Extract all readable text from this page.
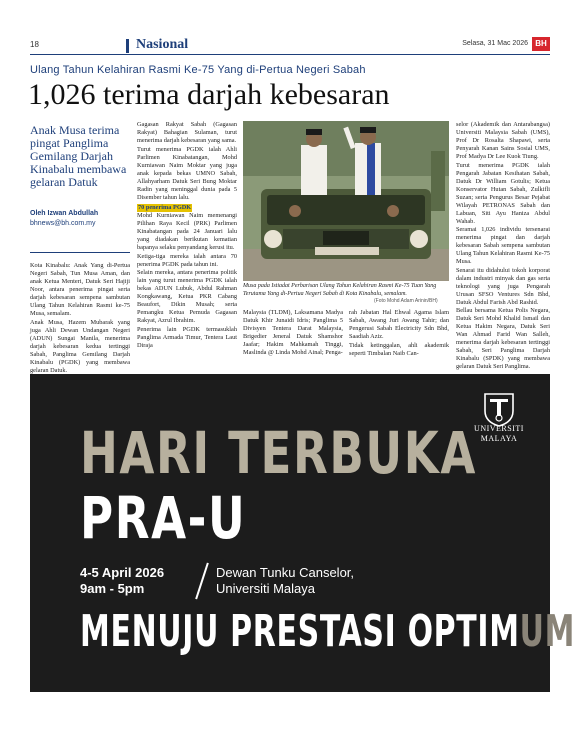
18	Nasional	Selasa, 31 Mac 2026 BH
Ulang Tahun Kelahiran Rasmi Ke-75 Yang di-Pertua Negeri Sabah
1,026 terima darjah kebesaran
Anak Musa terima pingat Panglima Gemilang Darjah Kinabalu membawa gelaran Datuk
Oleh Izwan Abdullah
bhnews@bh.com.my

Kota Kinabalu: Anak Yang di-Pertua Negeri Sabah, Tun Musa Aman, dan anak Ketua Menteri, Datuk Seri Hajiji Noor, antara penerima pingat serta darjah kebesaran sempena sambutan Ulang Tahun Kelahiran Rasmi ke-75 Musa, semalam.

Anak Musa, Hazem Mubarak yang juga Ahli Dewan Undangan Negeri (ADUN) Sungai Manila, menerima darjah kebesaran kedua tertinggi Sabah, Panglima Gemilang Darjah Kinabalu (PGDK) yang membawa gelaran Datuk.

Gagasan Rakyat Sabah (Gagasan Rakyat) Bahagian Sulaman, turut menerima darjah kebesaran yang sama.

Turut menerima PGDK ialah Ahli Parlimen Kinabatangan, Mohd Kurniawan Naim Moktar yang juga anak kepada bekas UMNO Sabah, Allahyarham Datuk Seri Bung Moktar Radin yang meninggal dunia pada 5 Disember tahun lalu.

70 penerima PGDK

Mohd Kurniawan Naim memenangi Pilihan Raya Kecil (PRK) Parlimen Kinabatangan pada 24 Januari lalu yang diadakan berikutan kematian bapanya selaku penyandang kerusi itu.

Ketiga-tiga mereka ialah antara 70 penerima PGDK pada tahun ini.

Selain mereka, antara penerima politik lain yang turut menerima PGDK ialah bekas ADUN Lubuk, Abdul Rahman Kongkawang, Ketua PKR Cabang Beaufort, Dikin Musah; serta Pemangku Ketua Pemuda Gagasan Rakyat, Azrul Ibrahim.

Penerima lain PGDK termasuklah Panglima Armada Timur, Tentera Laut Diraja

Musa pada Istiadat Perbarisan Ulang Tahun Kelahiran Rasmi Ke-75 Tuan Yang Terutama Yang di-Pertua Negeri Sabah di Kota Kinabalu, semalam.
(Foto Mohd Adam Arinin/BH)

Malaysia (TLDM), Laksamana Madya Datuk Khir Junaidi Idris; Panglima 5 Divisyen Tentera Darat Malaysia, Brigedier Jeneral Datuk Shamshor Jaafar; Hakim Mahkamah Tinggi, Maslinda @ Linda Mohd Ainal; Penga-

rah Jabatan Hal Ehwal Agama Islam Sabah, Awang Juri Awang Tahir; dan Pengerusi Sabah Electricity Sdn Bhd, Saadiah Aziz.

Tidak ketinggalan, ahli akademik seperti Timbalan Naib Can-

selor (Akademik dan Antarabangsa) Universiti Malaysia Sabah (UMS), Prof Dr Rosalta Shapawi, serta Penyarah Kanan Sains Sosial UMS, Prof Madya Dr Lee Kuok Tiung.

Turut menerima PGDK ialah Pengarah Jabatan Kesihatan Sabah, Datuk Dr William Gotulis; Ketua Konservator Hutan Sabah, Zulkifli Suzan; serta Pengurus Besar Pejabat Wilayah PETRONAS Sabah dan Labuan, Siti Ayu Haniza Abdul Wahab.

Seramai 1,026 individu tersenarai menerima pingat dan darjah kebesaran Sabah sempena sambutan Ulang Tahun Kelahiran Rasmi Ke-75 Musa.

Senarai itu didahului tokoh korporat dalam industri minyak dan gas serta teknologi yang juga Pengarah Urusan SFSO Ventures Sdn Bhd, Datuk Abdul Farish Abd Rashid.

Bellau bersama Ketua Polis Negara, Datuk Seri Mohd Khalid Ismail dan Ketua Hakim Negara, Datuk Seri Wan Ahmad Farid Wan Salleh, menerima darjah kebesaran tertinggi Sabah, Seri Panglima Darjah Kinabalu (SPDK) yang membawa gelaran Datuk Seri Panglima.

HARI TERBUKA
PRA-U
4-5 April 2026
9am - 5pm
Dewan Tunku Canselor,
Universiti Malaya
MENUJU PRESTASI OPTIMUM
UNIVERSITI
MALAYA
